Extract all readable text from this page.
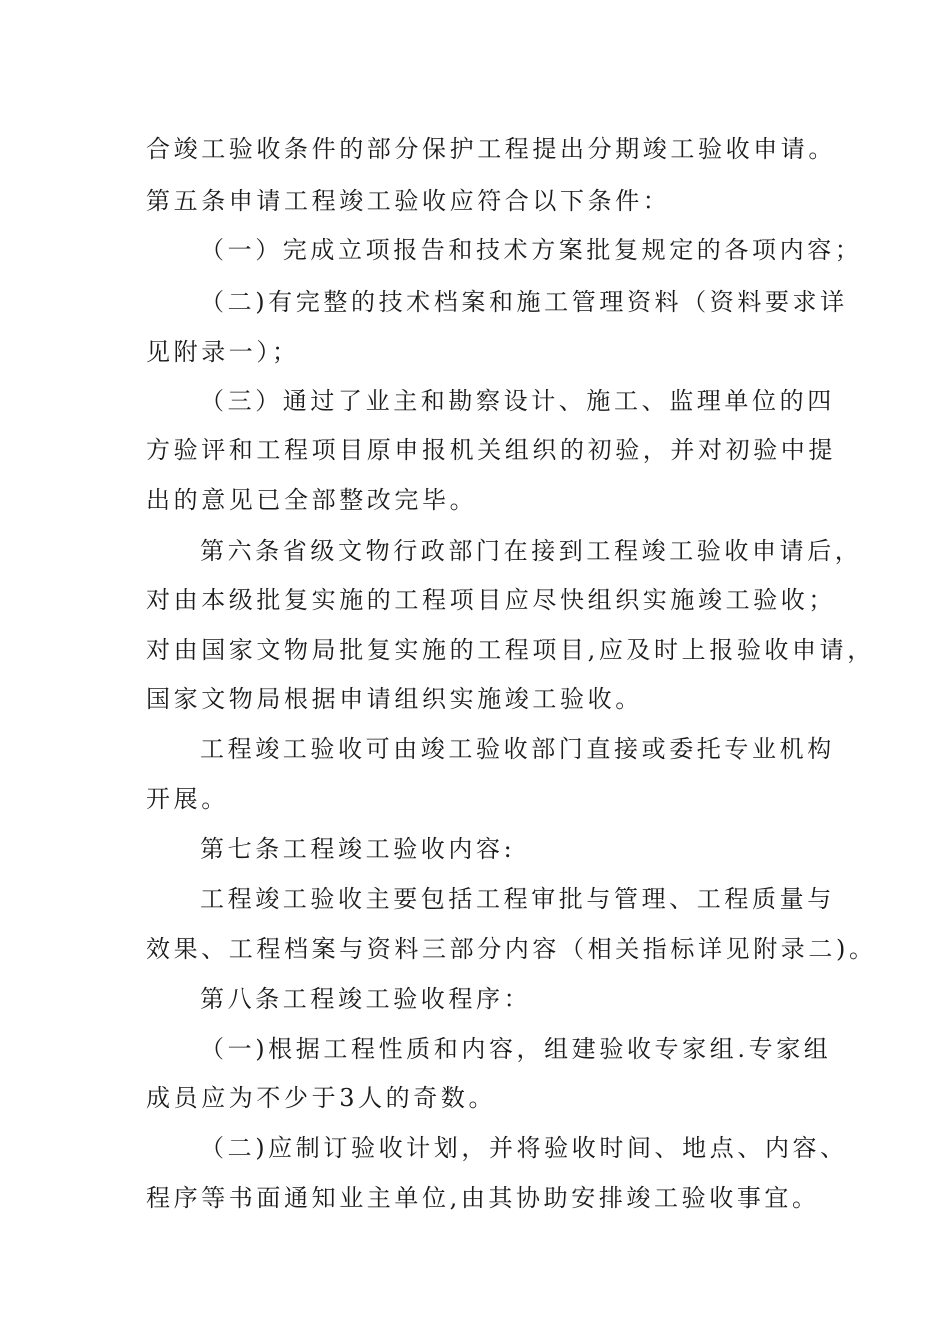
合竣工验收条件的部分保护工程提出分期竣工验收申请。
第五条申请工程竣工验收应符合以下条件：
（一）完成立项报告和技术方案批复规定的各项内容；
（二)有完整的技术档案和施工管理资料（资料要求详
见附录一）；
（三）通过了业主和勘察设计、施工、监理单位的四
方验评和工程项目原申报机关组织的初验，并对初验中提
出的意见已全部整改完毕。
第六条省级文物行政部门在接到工程竣工验收申请后，
对由本级批复实施的工程项目应尽快组织实施竣工验收；
对由国家文物局批复实施的工程项目,应及时上报验收申请，
国家文物局根据申请组织实施竣工验收。
工程竣工验收可由竣工验收部门直接或委托专业机构
开展。
第七条工程竣工验收内容:
工程竣工验收主要包括工程审批与管理、工程质量与
效果、工程档案与资料三部分内容（相关指标详见附录二)。
第八条工程竣工验收程序：
（一)根据工程性质和内容，组建验收专家组.专家组
成员应为不少于3人的奇数。
（二)应制订验收计划，并将验收时间、地点、内容、
程序等书面通知业主单位,由其协助安排竣工验收事宜。
